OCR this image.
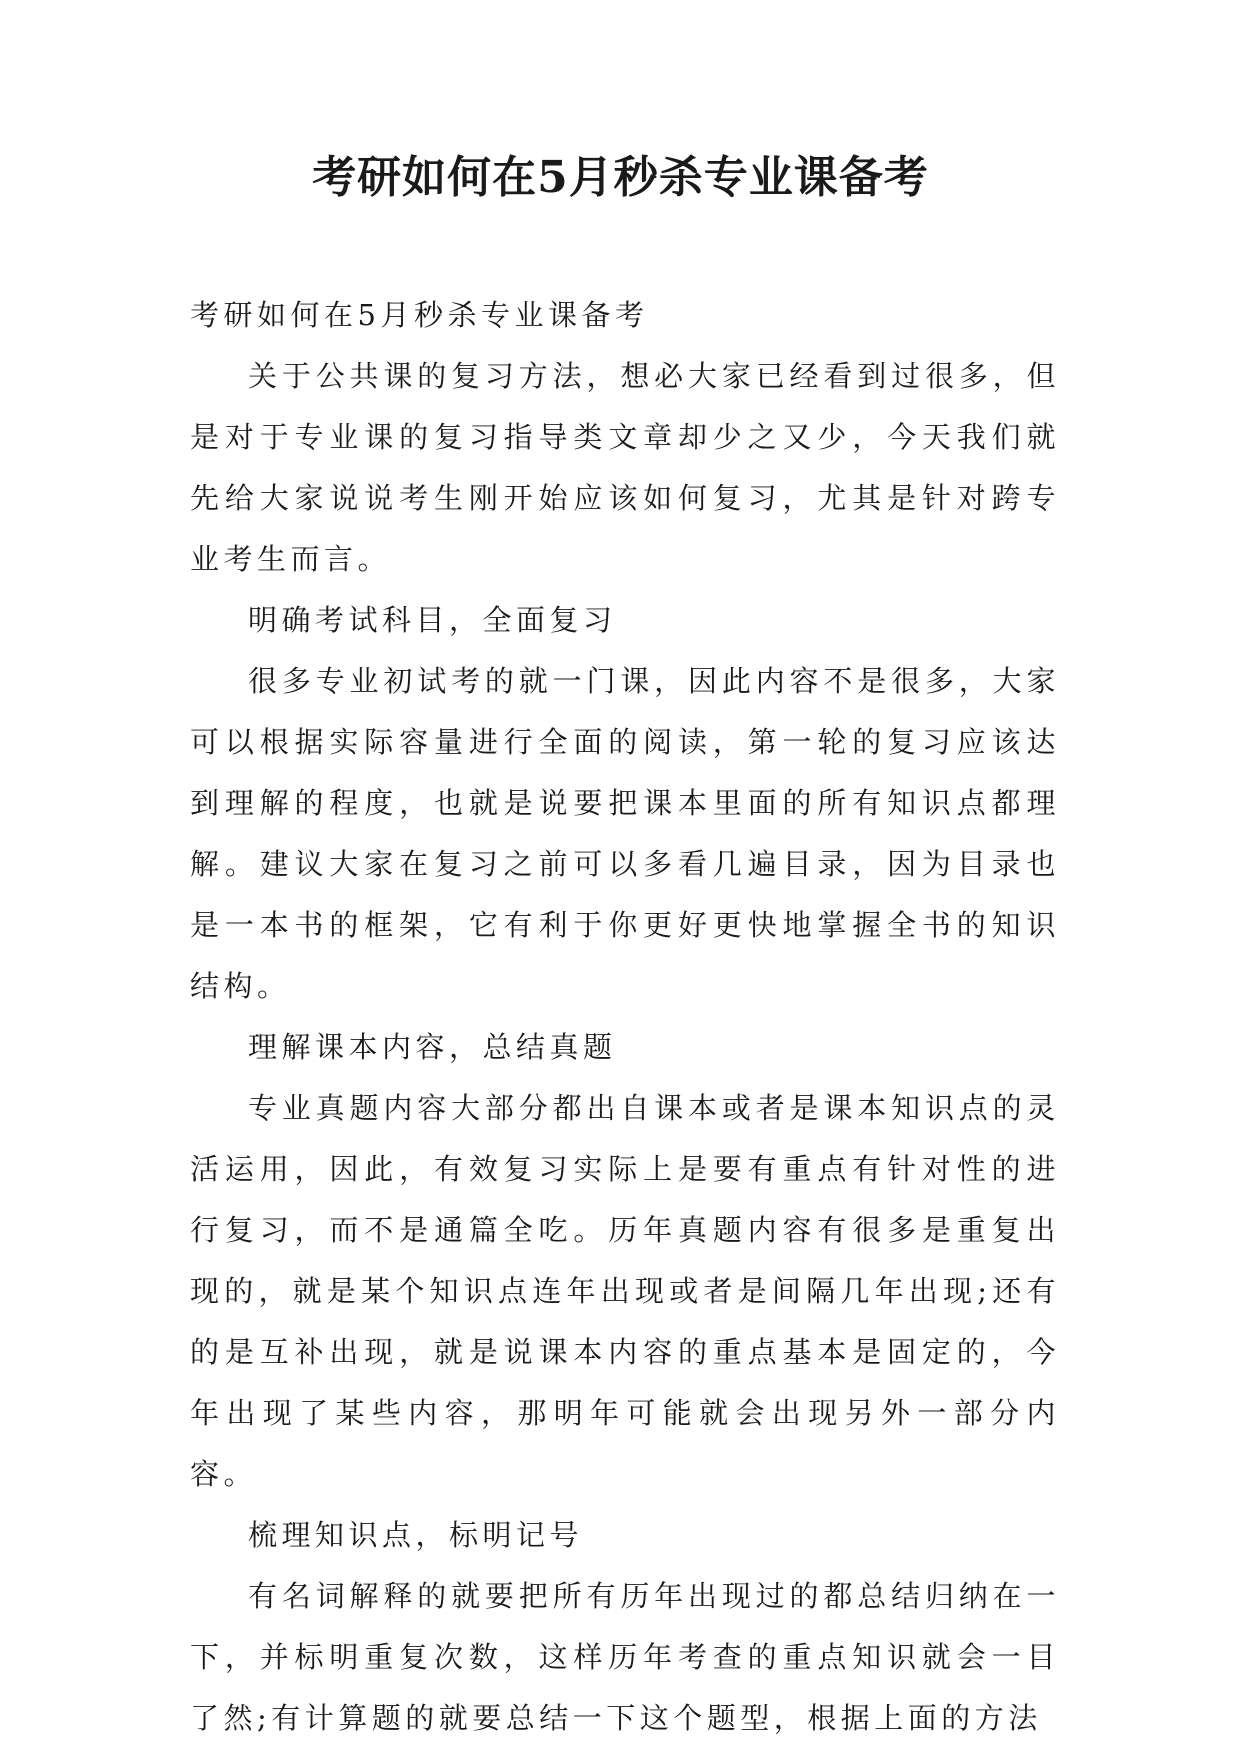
考研如何在5月秒杀专业课备考

考研如何在5月秒杀专业课备考

关于公共课的复习方法，想必大家已经看到过很多，但是对于专业课的复习指导类文章却少之又少，今天我们就先给大家说说考生刚开始应该如何复习，尤其是针对跨专业考生而言。

明确考试科目，全面复习

很多专业初试考的就一门课，因此内容不是很多，大家可以根据实际容量进行全面的阅读，第一轮的复习应该达到理解的程度，也就是说要把课本里面的所有知识点都理解。建议大家在复习之前可以多看几遍目录，因为目录也是一本书的框架，它有利于你更好更快地掌握全书的知识结构。

理解课本内容，总结真题

专业真题内容大部分都出自课本或者是课本知识点的灵活运用，因此，有效复习实际上是要有重点有针对性的进行复习，而不是通篇全吃。历年真题内容有很多是重复出现的，就是某个知识点连年出现或者是间隔几年出现;还有的是互补出现，就是说课本内容的重点基本是固定的，今年出现了某些内容，那明年可能就会出现另外一部分内容。

梳理知识点，标明记号

有名词解释的就要把所有历年出现过的都总结归纳在一下，并标明重复次数，这样历年考查的重点知识就会一目了然;有计算题的就要总结一下这个题型，根据上面的方法
